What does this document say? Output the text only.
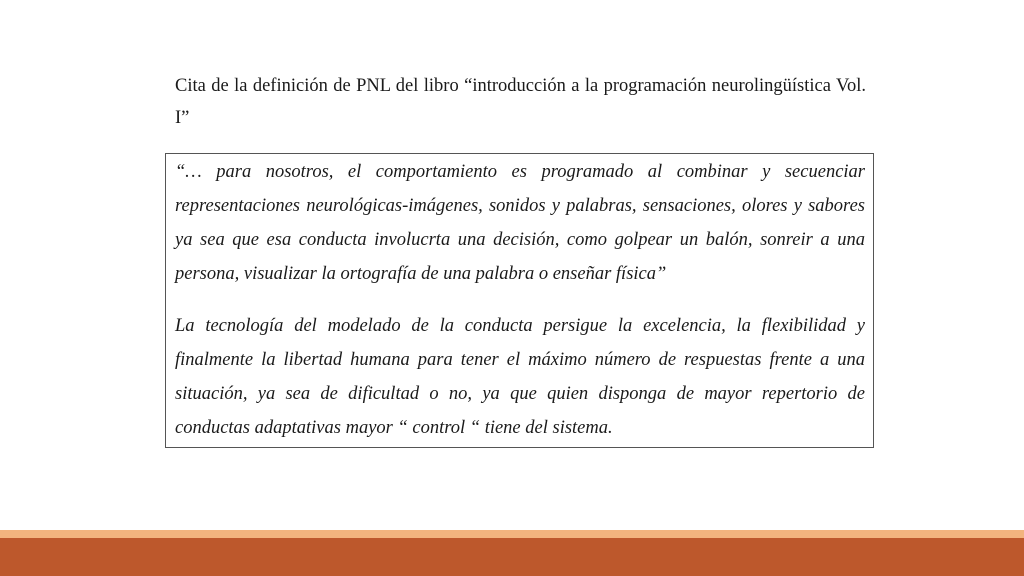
Cita de la definición de PNL del libro “introducción a la programación neurolingüística Vol. I”

“… para nosotros, el comportamiento es programado al combinar y secuenciar representaciones neurológicas-imágenes, sonidos y palabras, sensaciones, olores y sabores ya sea que esa conducta involucrta una decisión, como golpear un balón, sonreir a una persona, visualizar la ortografía de una palabra o enseñar física”

La tecnología del modelado de la conducta persigue la excelencia, la flexibilidad y finalmente la libertad humana para tener el máximo número de respuestas frente a una situación, ya sea de dificultad o no, ya que quien disponga de mayor repertorio de conductas adaptativas mayor “ control “ tiene del sistema.
